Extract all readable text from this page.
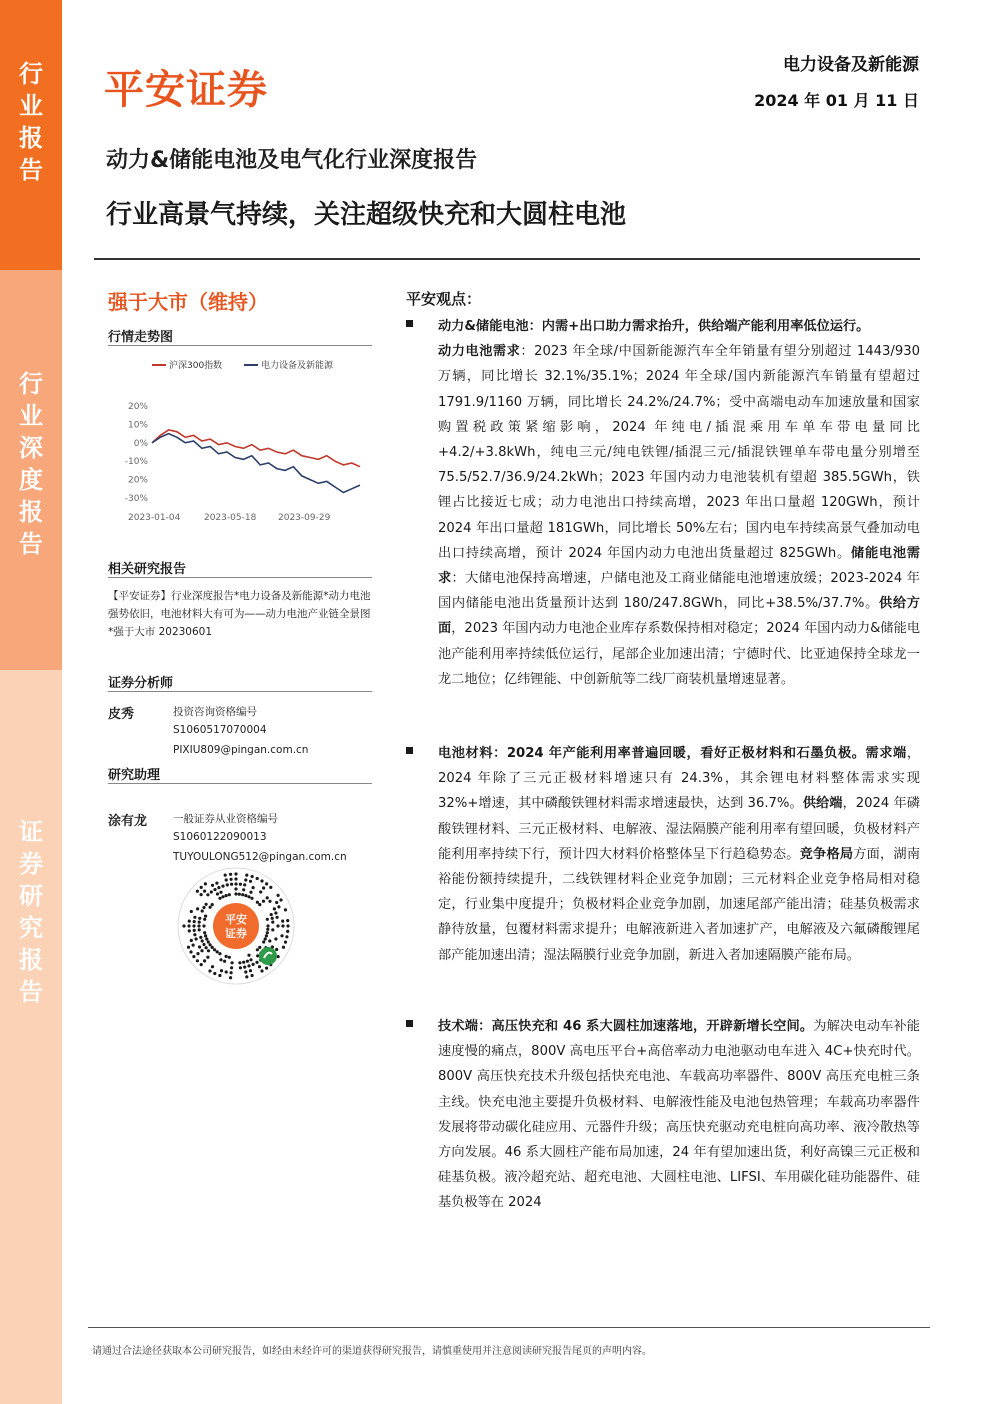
行业报告
行业深度报告
证券研究报告
平安证券
电力设备及新能源
2024 年 01 月 11 日
动力&储能电池及电气化行业深度报告
行业高景气持续，关注超级快充和大圆柱电池
强于大市（维持）
行情走势图
沪深300指数	电力设备及新能源
20%
10%
0%
-10%
20%
-30%
2023-01-04	2023-05-18 2023-09-29
相关研究报告
【平安证券】行业深度报告*电力设备及新能源*动力电池强势依旧，电池材料大有可为——动力电池产业链全景图*强于大市 20230601
证券分析师
皮秀	投资咨询资格编号
S1060517070004
PIXIU809@pingan.com.cn
研究助理
涂有龙	一般证券从业资格编号
S1060122090013
TUYOULONG512@pingan.com.cn
平安
证券
平安观点：
动力&储能电池：内需+出口助力需求抬升，供给端产能利用率低位运行。
动力电池需求：2023 年全球/中国新能源汽车全年销量有望分别超过 1443/930 万辆，同比增长 32.1%/35.1%；2024 年全球/国内新能源汽车销量有望超过 1791.9/1160 万辆，同比增长 24.2%/24.7%；受中高端电动车加速放量和国家购置税政策紧缩影响，2024 年纯电/插混乘用车单车带电量同比+4.2/+3.8kWh，纯电三元/纯电铁锂/插混三元/插混铁锂单车带电量分别增至 75.5/52.7/36.9/24.2kWh；2023 年国内动力电池装机有望超 385.5GWh，铁锂占比接近七成；动力电池出口持续高增，2023 年出口量超 120GWh，预计 2024 年出口量超 181GWh，同比增长 50%左右；国内电车持续高景气叠加动电出口持续高增，预计 2024 年国内动力电池出货量超过 825GWh。储能电池需求：大储电池保持高增速，户储电池及工商业储能电池增速放缓；2023-2024 年国内储能电池出货量预计达到 180/247.8GWh，同比+38.5%/37.7%。供给方面，2023 年国内动力电池企业库存系数保持相对稳定；2024 年国内动力&储能电池产能利用率持续低位运行，尾部企业加速出清；宁德时代、比亚迪保持全球龙一龙二地位；亿纬锂能、中创新航等二线厂商装机量增速显著。
电池材料：2024 年产能利用率普遍回暖，看好正极材料和石墨负极。需求端，2024 年除了三元正极材料增速只有 24.3%，其余锂电材料整体需求实现 32%+增速，其中磷酸铁锂材料需求增速最快，达到 36.7%。供给端，2024 年磷酸铁锂材料、三元正极材料、电解液、湿法隔膜产能利用率有望回暖，负极材料产能利用率持续下行，预计四大材料价格整体呈下行趋稳势态。竞争格局方面，湖南裕能份额持续提升，二线铁锂材料企业竞争加剧；三元材料企业竞争格局相对稳定，行业集中度提升；负极材料企业竞争加剧，加速尾部产能出清；硅基负极需求静待放量，包覆材料需求提升；电解液新进入者加速扩产，电解液及六氟磷酸锂尾部产能加速出清；湿法隔膜行业竞争加剧，新进入者加速隔膜产能布局。
技术端：高压快充和 46 系大圆柱加速落地，开辟新增长空间。为解决电动车补能速度慢的痛点，800V 高电压平台+高倍率动力电池驱动电车进入 4C+快充时代。800V 高压快充技术升级包括快充电池、车载高功率器件、800V 高压充电桩三条主线。快充电池主要提升负极材料、电解液性能及电池包热管理；车载高功率器件发展将带动碳化硅应用、元器件升级；高压快充驱动充电桩向高功率、液冷散热等方向发展。46 系大圆柱产能布局加速，24 年有望加速出货，利好高镍三元正极和硅基负极。液冷超充站、超充电池、大圆柱电池、LIFSI、车用碳化硅功能器件、硅基负极等在 2024
请通过合法途径获取本公司研究报告，如经由未经许可的渠道获得研究报告，请慎重使用并注意阅读研究报告尾页的声明内容。
